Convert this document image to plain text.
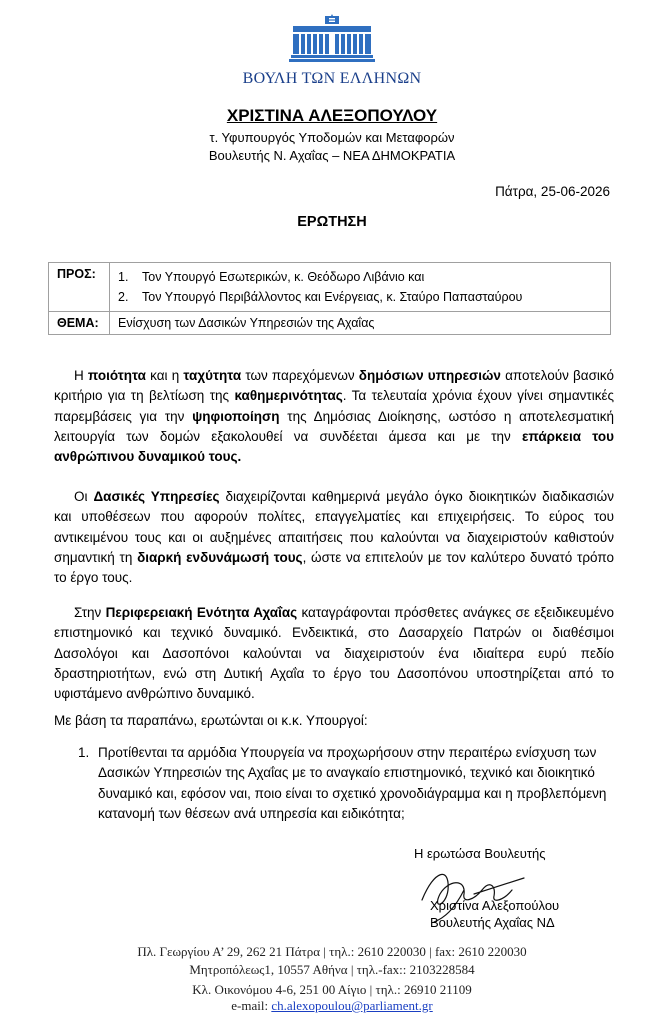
ΒΟΥΛΗ ΤΩΝ ΕΛΛΗΝΩΝ
ΧΡΙΣΤΙΝΑ ΑΛΕΞΟΠΟΥΛΟΥ
τ. Υφυπουργός Υποδομών και Μεταφορών
Βουλευτής Ν. Αχαΐας – ΝΕΑ ΔΗΜΟΚΡΑΤΙΑ
Πάτρα, 25-06-2026
ΕΡΩΤΗΣΗ
ΠΡΟΣ:	1. Τον Υπουργό Εσωτερικών, κ. Θεόδωρο Λιβάνιο και
2. Τον Υπουργό Περιβάλλοντος και Ενέργειας, κ. Σταύρο Παπασταύρου

ΘΕΜΑ:	Ενίσχυση των Δασικών Υπηρεσιών της Αχαΐας

Η ποιότητα και η ταχύτητα των παρεχόμενων δημόσιων υπηρεσιών αποτελούν βασικό κριτήριο για τη βελτίωση της καθημερινότητας. Τα τελευταία χρόνια έχουν γίνει σημαντικές παρεμβάσεις για την ψηφιοποίηση της Δημόσιας Διοίκησης, ωστόσο η αποτελεσματική λειτουργία των δομών εξακολουθεί να συνδέεται άμεσα και με την επάρκεια του ανθρώπινου δυναμικού τους.

Οι Δασικές Υπηρεσίες διαχειρίζονται καθημερινά μεγάλο όγκο διοικητικών διαδικασιών και υποθέσεων που αφορούν πολίτες, επαγγελματίες και επιχειρήσεις. Το εύρος του αντικειμένου τους και οι αυξημένες απαιτήσεις που καλούνται να διαχειριστούν καθιστούν σημαντική τη διαρκή ενδυνάμωσή τους, ώστε να επιτελούν με τον καλύτερο δυνατό τρόπο το έργο τους.

Στην Περιφερειακή Ενότητα Αχαΐας καταγράφονται πρόσθετες ανάγκες σε εξειδικευμένο επιστημονικό και τεχνικό δυναμικό. Ενδεικτικά, στο Δασαρχείο Πατρών οι διαθέσιμοι Δασολόγοι και Δασοπόνοι καλούνται να διαχειριστούν ένα ιδιαίτερα ευρύ πεδίο δραστηριοτήτων, ενώ στη Δυτική Αχαΐα το έργο του Δασοπόνου υποστηρίζεται από το υφιστάμενο ανθρώπινο δυναμικό.

Με βάση τα παραπάνω, ερωτώνται οι κ.κ. Υπουργοί:

1. Προτίθενται τα αρμόδια Υπουργεία να προχωρήσουν στην περαιτέρω ενίσχυση των Δασικών Υπηρεσιών της Αχαΐας με το αναγκαίο επιστημονικό, τεχνικό και διοικητικό δυναμικό και, εφόσον ναι, ποιο είναι το σχετικό χρονοδιάγραμμα και η προβλεπόμενη κατανομή των θέσεων ανά υπηρεσία και ειδικότητα;
Η ερωτώσα Βουλευτής
Χριστίνα Αλεξοπούλου
Βουλευτής Αχαΐας ΝΔ
Πλ. Γεωργίου Α’ 29, 262 21 Πάτρα | τηλ.: 2610 220030 | fax: 2610 220030
Μητροπόλεως1, 10557 Αθήνα | τηλ.-fax:: 2103228584
Κλ. Οικονόμου 4-6, 251 00 Αίγιο | τηλ.: 26910 21109
e-mail: ch.alexopoulou@parliament.gr
